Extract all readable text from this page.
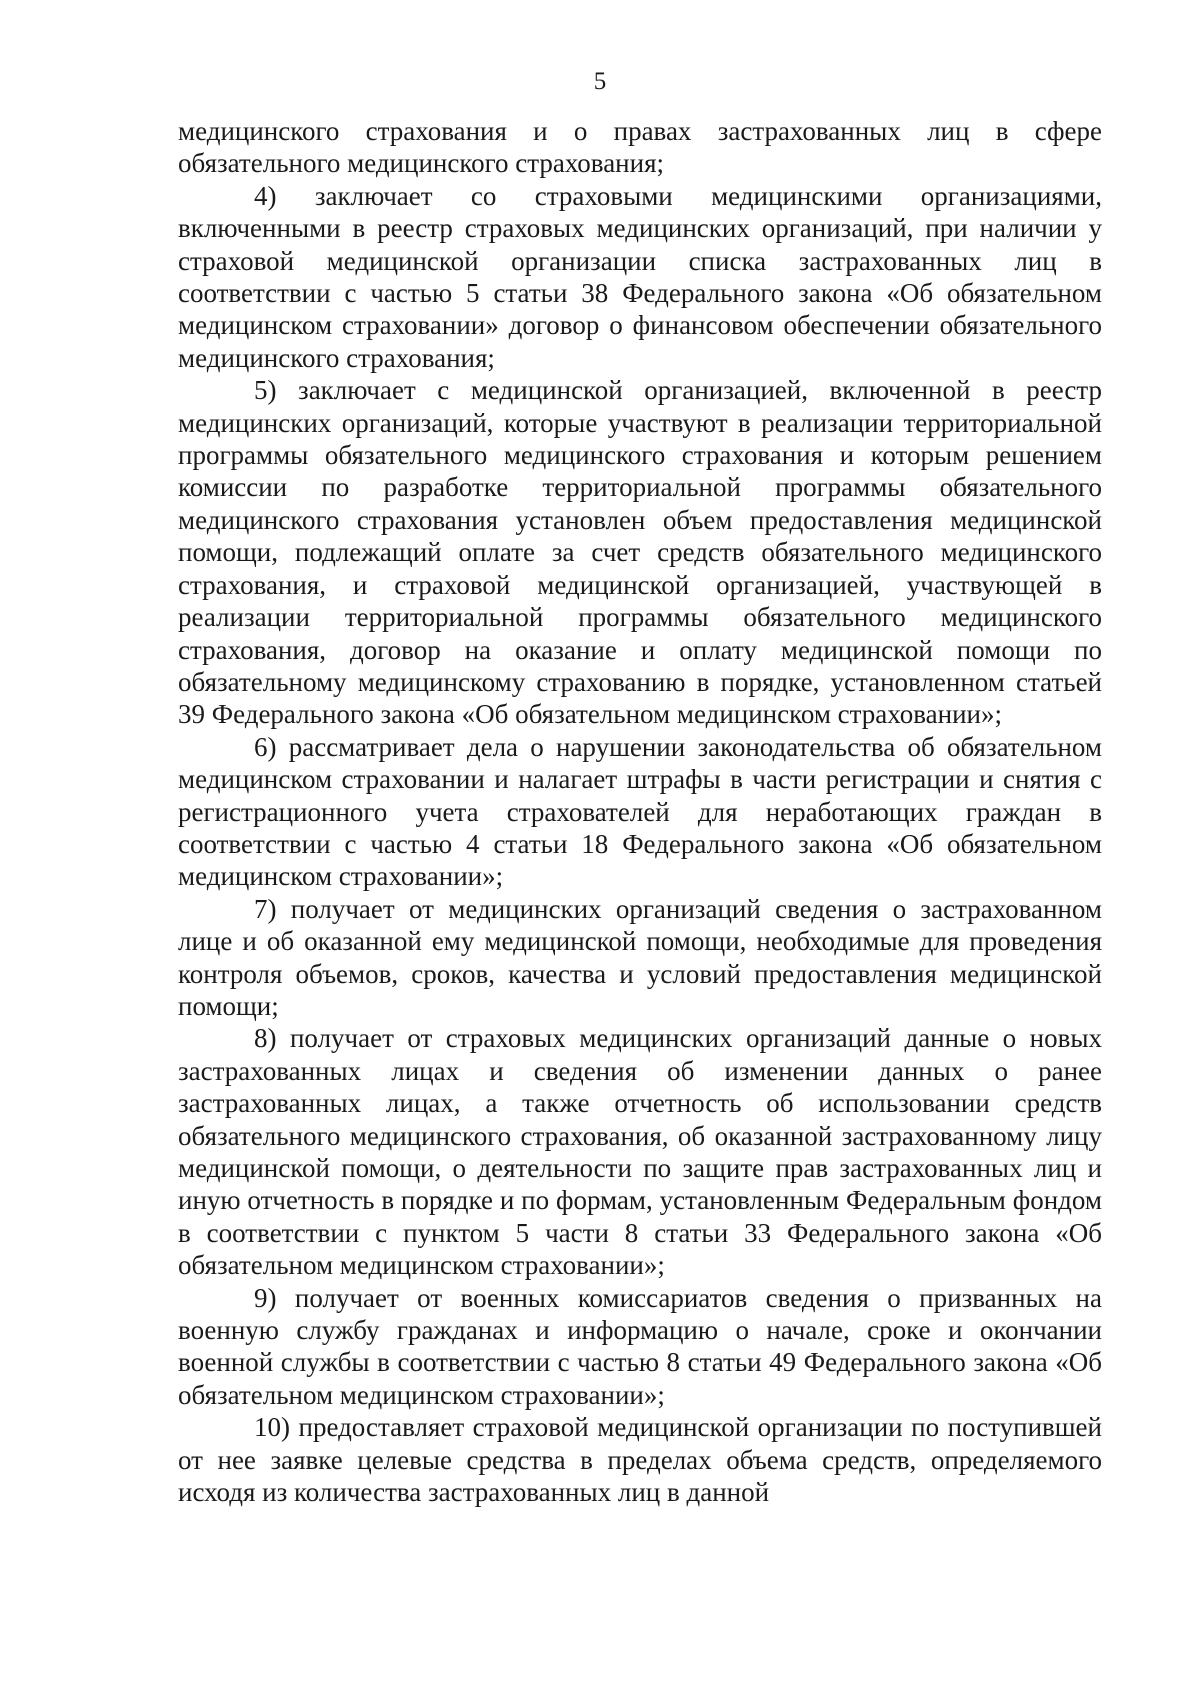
5

медицинского страхования и о правах застрахованных лиц в сфере обязательного медицинского страхования;

4) заключает со страховыми медицинскими организациями, включенными в реестр страховых медицинских организаций, при наличии у страховой медицинской организации списка застрахованных лиц в соответствии с частью 5 статьи 38 Федерального закона «Об обязательном медицинском страховании» договор о финансовом обеспечении обязательного медицинского страхования;

5) заключает с медицинской организацией, включенной в реестр медицинских организаций, которые участвуют в реализации территориальной программы обязательного медицинского страхования и которым решением комиссии по разработке территориальной программы обязательного медицинского страхования установлен объем предоставления медицинской помощи, подлежащий оплате за счет средств обязательного медицинского страхования, и страховой медицинской организацией, участвующей в реализации территориальной программы обязательного медицинского страхования, договор на оказание и оплату медицинской помощи по обязательному медицинскому страхованию в порядке, установленном статьей 39 Федерального закона «Об обязательном медицинском страховании»;

6) рассматривает дела о нарушении законодательства об обязательном медицинском страховании и налагает штрафы в части регистрации и снятия с регистрационного учета страхователей для неработающих граждан в соответствии с частью 4 статьи 18 Федерального закона «Об обязательном медицинском страховании»;

7) получает от медицинских организаций сведения о застрахованном лице и об оказанной ему медицинской помощи, необходимые для проведения контроля объемов, сроков, качества и условий предоставления медицинской помощи;

8) получает от страховых медицинских организаций данные о новых застрахованных лицах и сведения об изменении данных о ранее застрахованных лицах, а также отчетность об использовании средств обязательного медицинского страхования, об оказанной застрахованному лицу медицинской помощи, о деятельности по защите прав застрахованных лиц и иную отчетность в порядке и по формам, установленным Федеральным фондом в соответствии с пунктом 5 части 8 статьи 33 Федерального закона «Об обязательном медицинском страховании»;

9) получает от военных комиссариатов сведения о призванных на военную службу гражданах и информацию о начале, сроке и окончании военной службы в соответствии с частью 8 статьи 49 Федерального закона «Об обязательном медицинском страховании»;

10) предоставляет страховой медицинской организации по поступившей от нее заявке целевые средства в пределах объема средств, определяемого исходя из количества застрахованных лиц в данной
